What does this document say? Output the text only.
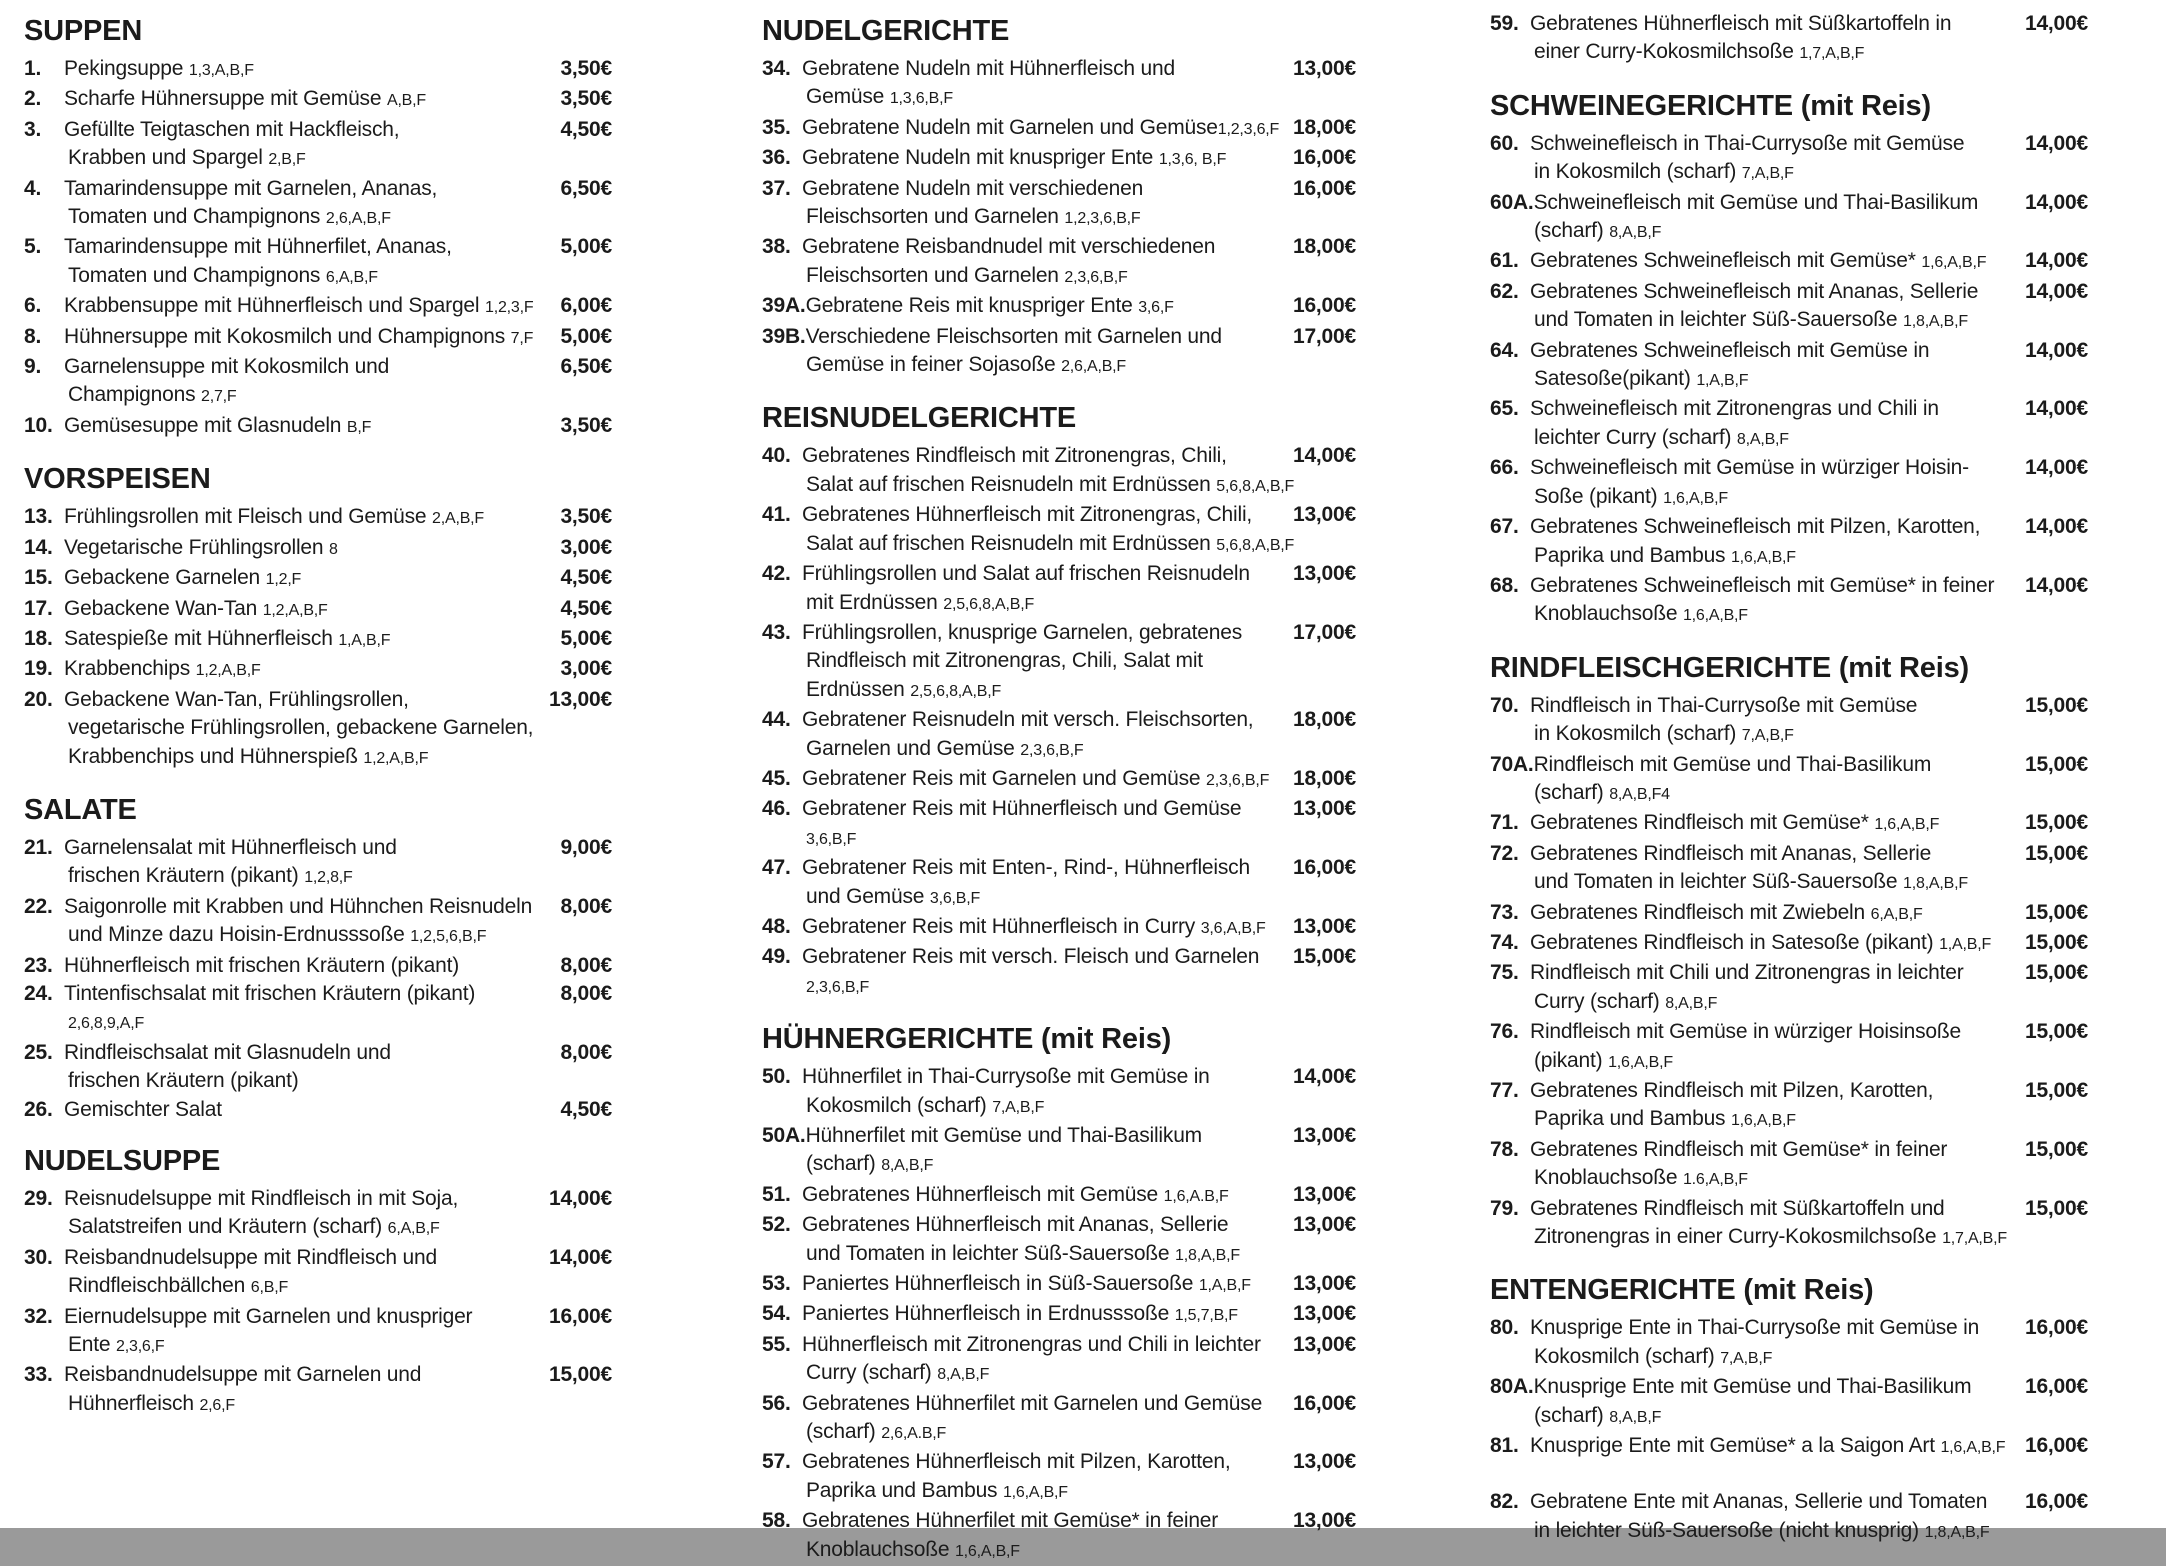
SUPPEN
1. Pekingsuppe 1,3,A,B,F	3,50€
2. Scharfe Hühnersuppe mit Gemüse A,B,F	3,50€
3. Gefüllte Teigtaschen mit Hackfleisch,
Krabben und Spargel 2,B,F
4,50€
4. Tamarindensuppe mit Garnelen, Ananas,
Tomaten und Champignons 2,6,A,B,F
6,50€
5. Tamarindensuppe mit Hühnerfilet, Ananas,
Tomaten und Champignons 6,A,B,F
5,00€
6. Krabbensuppe mit Hühnerfleisch und Spargel 1,2,3,F 6,00€
8. Hühnersuppe mit Kokosmilch und Champignons 7,F 5,00€
9. Garnelensuppe mit Kokosmilch und
Champignons 2,7,F
6,50€
10. Gemüsesuppe mit Glasnudeln B,F	3,50€
VORSPEISEN
13. Frühlingsrollen mit Fleisch und Gemüse 2,A,B,F	3,50€
14. Vegetarische Frühlingsrollen 8	3,00€
15. Gebackene Garnelen 1,2,F	4,50€
17. Gebackene Wan-Tan 1,2,A,B,F	4,50€
18. Satespieße mit Hühnerfleisch 1,A,B,F	5,00€
19. Krabbenchips 1,2,A,B,F	3,00€
20. Gebackene Wan-Tan, Frühlingsrollen,
vegetarische Frühlingsrollen, gebackene Garnelen,
Krabbenchips und Hühnerspieß 1,2,A,B,F
13,00€
SALATE
21. Garnelensalat mit Hühnerfleisch und
frischen Kräutern (pikant) 1,2,8,F
9,00€
22. Saigonrolle mit Krabben und Hühnchen Reisnudeln
und Minze dazu Hoisin-Erdnusssoße 1,2,5,6,B,F
8,00€
23. Hühnerfleisch mit frischen Kräutern (pikant)	8,00€
24. Tintenfischsalat mit frischen Kräutern (pikant)
2,6,8,9,A,F
8,00€
25. Rindfleischsalat mit Glasnudeln und
frischen Kräutern (pikant)
8,00€
26. Gemischter Salat	4,50€
NUDELSUPPE
29. Reisnudelsuppe mit Rindfleisch in mit Soja,
Salatstreifen und Kräutern (scharf) 6,A,B,F
14,00€
30. Reisbandnudelsuppe mit Rindfleisch und
Rindfleischbällchen 6,B,F
14,00€
32. Eiernudelsuppe mit Garnelen und knuspriger
Ente 2,3,6,F
16,00€
33. Reisbandnudelsuppe mit Garnelen und
Hühnerfleisch 2,6,F
15,00€
NUDELGERICHTE
34. Gebratene Nudeln mit Hühnerfleisch und
Gemüse 1,3,6,B,F
13,00€
35. Gebratene Nudeln mit Garnelen und Gemüse1,2,3,6,F 18,00€
36. Gebratene Nudeln mit knuspriger Ente 1,3,6, B,F	16,00€
37. Gebratene Nudeln mit verschiedenen
Fleischsorten und Garnelen 1,2,3,6,B,F
16,00€
38. Gebratene Reisbandnudel mit verschiedenen
Fleischsorten und Garnelen 2,3,6,B,F
18,00€
39A.Gebratene Reis mit knuspriger Ente 3,6,F	16,00€
39B.Verschiedene Fleischsorten mit Garnelen und
Gemüse in feiner Sojasoße 2,6,A,B,F
17,00€
REISNUDELGERICHTE
40. Gebratenes Rindfleisch mit Zitronengras, Chili,
Salat auf frischen Reisnudeln mit Erdnüssen 5,6,8,A,B,F
14,00€
41. Gebratenes Hühnerfleisch mit Zitronengras, Chili,
Salat auf frischen Reisnudeln mit Erdnüssen 5,6,8,A,B,F
13,00€
42. Frühlingsrollen und Salat auf frischen Reisnudeln
mit Erdnüssen 2,5,6,8,A,B,F
13,00€
43. Frühlingsrollen, knusprige Garnelen, gebratenes
Rindfleisch mit Zitronengras, Chili, Salat mit
Erdnüssen 2,5,6,8,A,B,F
17,00€
44. Gebratener Reisnudeln mit versch. Fleischsorten,
Garnelen und Gemüse 2,3,6,B,F
18,00€
45. Gebratener Reis mit Garnelen und Gemüse 2,3,6,B,F 18,00€
46. Gebratener Reis mit Hühnerfleisch und Gemüse
3,6,B,F
13,00€
47. Gebratener Reis mit Enten-, Rind-, Hühnerfleisch
und Gemüse 3,6,B,F
16,00€
48. Gebratener Reis mit Hühnerfleisch in Curry 3,6,A,B,F 13,00€
49. Gebratener Reis mit versch. Fleisch und Garnelen
2,3,6,B,F
15,00€
HÜHNERGERICHTE (mit Reis)
50. Hühnerfilet in Thai-Currysoße mit Gemüse in
Kokosmilch (scharf) 7,A,B,F
14,00€
50A.Hühnerfilet mit Gemüse und Thai-Basilikum
(scharf) 8,A,B,F
13,00€
51. Gebratenes Hühnerfleisch mit Gemüse 1,6,A.B,F	13,00€
52. Gebratenes Hühnerfleisch mit Ananas, Sellerie
und Tomaten in leichter Süß-Sauersoße 1,8,A,B,F
13,00€
53. Paniertes Hühnerfleisch in Süß-Sauersoße 1,A,B,F	13,00€
54. Paniertes Hühnerfleisch in Erdnusssoße 1,5,7,B,F	13,00€
55. Hühnerfleisch mit Zitronengras und Chili in leichter
Curry (scharf) 8,A,B,F
13,00€
56. Gebratenes Hühnerfilet mit Garnelen und Gemüse
(scharf) 2,6,A.B,F
16,00€
57. Gebratenes Hühnerfleisch mit Pilzen, Karotten,
Paprika und Bambus 1,6,A,B,F
13,00€
58. Gebratenes Hühnerfilet mit Gemüse* in feiner
Knoblauchsoße 1,6,A,B,F
13,00€
59. Gebratenes Hühnerfleisch mit Süßkartoffeln in
einer Curry-Kokosmilchsoße 1,7,A,B,F
14,00€
SCHWEINEGERICHTE (mit Reis)
60. Schweinefleisch in Thai-Currysoße mit Gemüse
in Kokosmilch (scharf) 7,A,B,F
14,00€
60A.Schweinefleisch mit Gemüse und Thai-Basilikum
(scharf) 8,A,B,F
14,00€
61. Gebratenes Schweinefleisch mit Gemüse* 1,6,A,B,F 14,00€
62. Gebratenes Schweinefleisch mit Ananas, Sellerie
und Tomaten in leichter Süß-Sauersoße 1,8,A,B,F
14,00€
64. Gebratenes Schweinefleisch mit Gemüse in
Satesoße(pikant) 1,A,B,F
14,00€
65. Schweinefleisch mit Zitronengras und Chili in
leichter Curry (scharf) 8,A,B,F
14,00€
66. Schweinefleisch mit Gemüse in würziger Hoisin-
Soße (pikant) 1,6,A,B,F
14,00€
67. Gebratenes Schweinefleisch mit Pilzen, Karotten,
Paprika und Bambus 1,6,A,B,F
14,00€
68. Gebratenes Schweinefleisch mit Gemüse* in feiner
Knoblauchsoße 1,6,A,B,F
14,00€
RINDFLEISCHGERICHTE (mit Reis)
70. Rindfleisch in Thai-Currysoße mit Gemüse
in Kokosmilch (scharf) 7,A,B,F
15,00€
70A.Rindfleisch mit Gemüse und Thai-Basilikum
(scharf) 8,A,B,F4
15,00€
71. Gebratenes Rindfleisch mit Gemüse* 1,6,A,B,F	15,00€
72. Gebratenes Rindfleisch mit Ananas, Sellerie
und Tomaten in leichter Süß-Sauersoße 1,8,A,B,F
15,00€
73. Gebratenes Rindfleisch mit Zwiebeln 6,A,B,F	15,00€
74. Gebratenes Rindfleisch in Satesoße (pikant) 1,A,B,F 15,00€
75. Rindfleisch mit Chili und Zitronengras in leichter
Curry (scharf) 8,A,B,F
15,00€
76. Rindfleisch mit Gemüse in würziger Hoisinsoße
(pikant) 1,6,A,B,F
15,00€
77. Gebratenes Rindfleisch mit Pilzen, Karotten,
Paprika und Bambus 1,6,A,B,F
15,00€
78. Gebratenes Rindfleisch mit Gemüse* in feiner
Knoblauchsoße 1.6,A,B,F
15,00€
79. Gebratenes Rindfleisch mit Süßkartoffeln und
Zitronengras in einer Curry-Kokosmilchsoße 1,7,A,B,F
15,00€
ENTENGERICHTE (mit Reis)
80. Knusprige Ente in Thai-Currysoße mit Gemüse in
Kokosmilch (scharf) 7,A,B,F
16,00€
80A.Knusprige Ente mit Gemüse und Thai-Basilikum
(scharf) 8,A,B,F
16,00€
81. Knusprige Ente mit Gemüse* a la Saigon Art 1,6,A,B,F 16,00€
82. Gebratene Ente mit Ananas, Sellerie und Tomaten
in leichter Süß-Sauersoße (nicht knusprig) 1,8,A,B,F
16,00€
